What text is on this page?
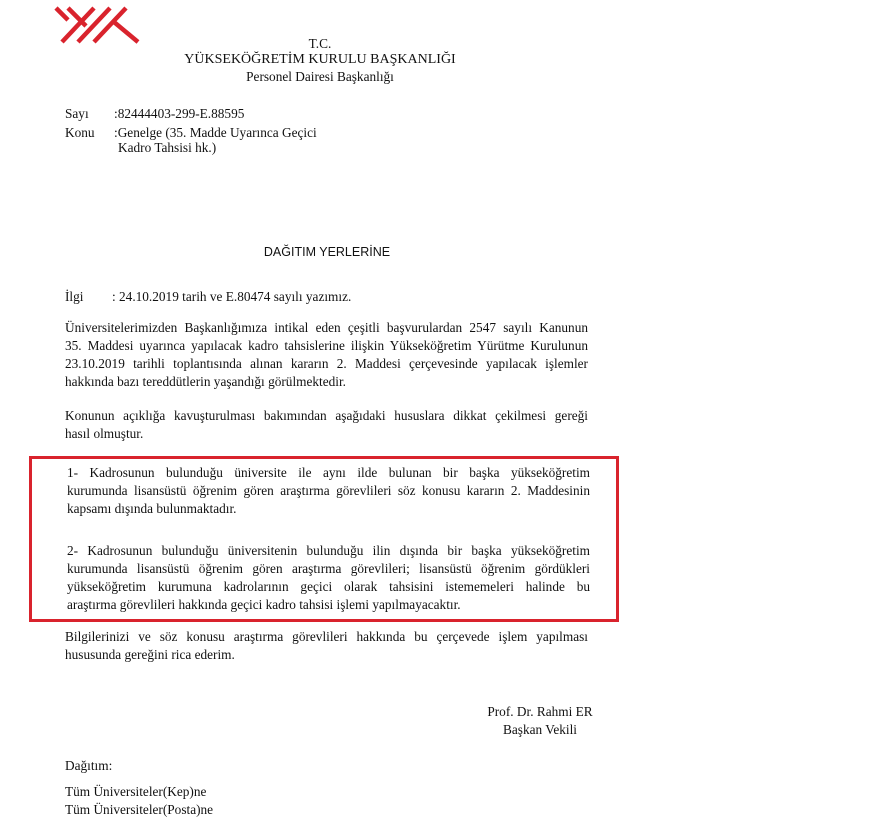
T.C.
YÜKSEKÖĞRETİM KURULU BAŞKANLIĞI
Personel Dairesi Başkanlığı
Sayı :82444403-299-E.88595
Konu :Genelge (35. Madde Uyarınca Geçici
Kadro Tahsisi hk.)
DAĞITIM YERLERİNE
İlgi : 24.10.2019 tarih ve E.80474 sayılı yazımız.
Üniversitelerimizden Başkanlığımıza intikal eden çeşitli başvurulardan 2547 sayılı Kanunun
35. Maddesi uyarınca yapılacak kadro tahsislerine ilişkin Yükseköğretim Yürütme Kurulunun
23.10.2019 tarihli toplantısında alınan kararın 2. Maddesi çerçevesinde yapılacak işlemler
hakkında bazı tereddütlerin yaşandığı görülmektedir.
Konunun açıklığa kavuşturulması bakımından aşağıdaki hususlara dikkat çekilmesi gereği
hasıl olmuştur.
1- Kadrosunun bulunduğu üniversite ile aynı ilde bulunan bir başka yükseköğretim
kurumunda lisansüstü öğrenim gören araştırma görevlileri söz konusu kararın 2. Maddesinin
kapsamı dışında bulunmaktadır.
2- Kadrosunun bulunduğu üniversitenin bulunduğu ilin dışında bir başka yükseköğretim
kurumunda lisansüstü öğrenim gören araştırma görevlileri; lisansüstü öğrenim gördükleri
yükseköğretim kurumuna kadrolarının geçici olarak tahsisini istememeleri halinde bu
araştırma görevlileri hakkında geçici kadro tahsisi işlemi yapılmayacaktır.
Bilgilerinizi ve söz konusu araştırma görevlileri hakkında bu çerçevede işlem yapılması
hususunda gereğini rica ederim.
Prof. Dr. Rahmi ER
Başkan Vekili
Dağıtım:
Tüm Üniversiteler(Kep)ne
Tüm Üniversiteler(Posta)ne
